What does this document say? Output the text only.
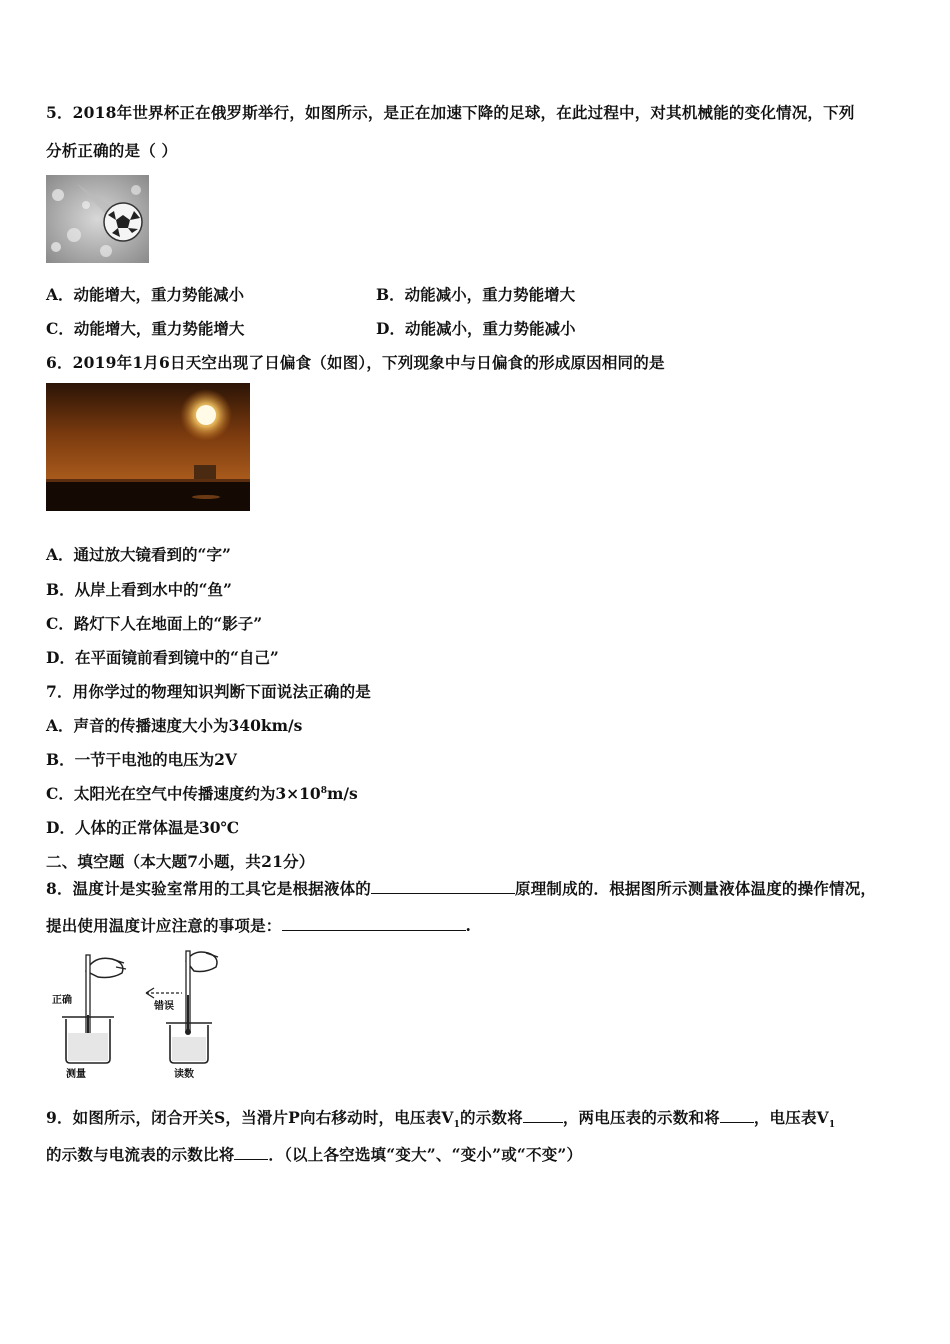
5．2018年世界杯正在俄罗斯举行，如图所示，是正在加速下降的足球，在此过程中，对其机械能的变化情况，下列
分析正确的是（ ）
A．动能增大，重力势能减小	B．动能减小，重力势能增大
C．动能增大，重力势能增大	D．动能减小，重力势能减小
6．2019年1月6日天空出现了日偏食（如图），下列现象中与日偏食的形成原因相同的是
A．通过放大镜看到的“字”
B．从岸上看到水中的“鱼”
C．路灯下人在地面上的“影子”
D．在平面镜前看到镜中的“自己”
7．用你学过的物理知识判断下面说法正确的是
A．声音的传播速度大小为340km/s
B．一节干电池的电压为2V
C．太阳光在空气中传播速度约为$3\times 10^8m/s$
D．人体的正常体温是30℃
二、填空题（本大题7小题，共21分）
8．温度计是实验室常用的工具它是根据液体的	原理制成的．根据图所示测量液体温度的操作情况，
提出使用温度计应注意的事项是：	.
正确
错误
测量	读数
9．如图所示，闭合开关S，当滑片P向右移动时，电压表$V_1$的示数将	，两电压表的示数和将 ，电压表$V_1$
的示数与电流表的示数比将 ．（以上各空选填“变大”、“变小”或“不变”）
